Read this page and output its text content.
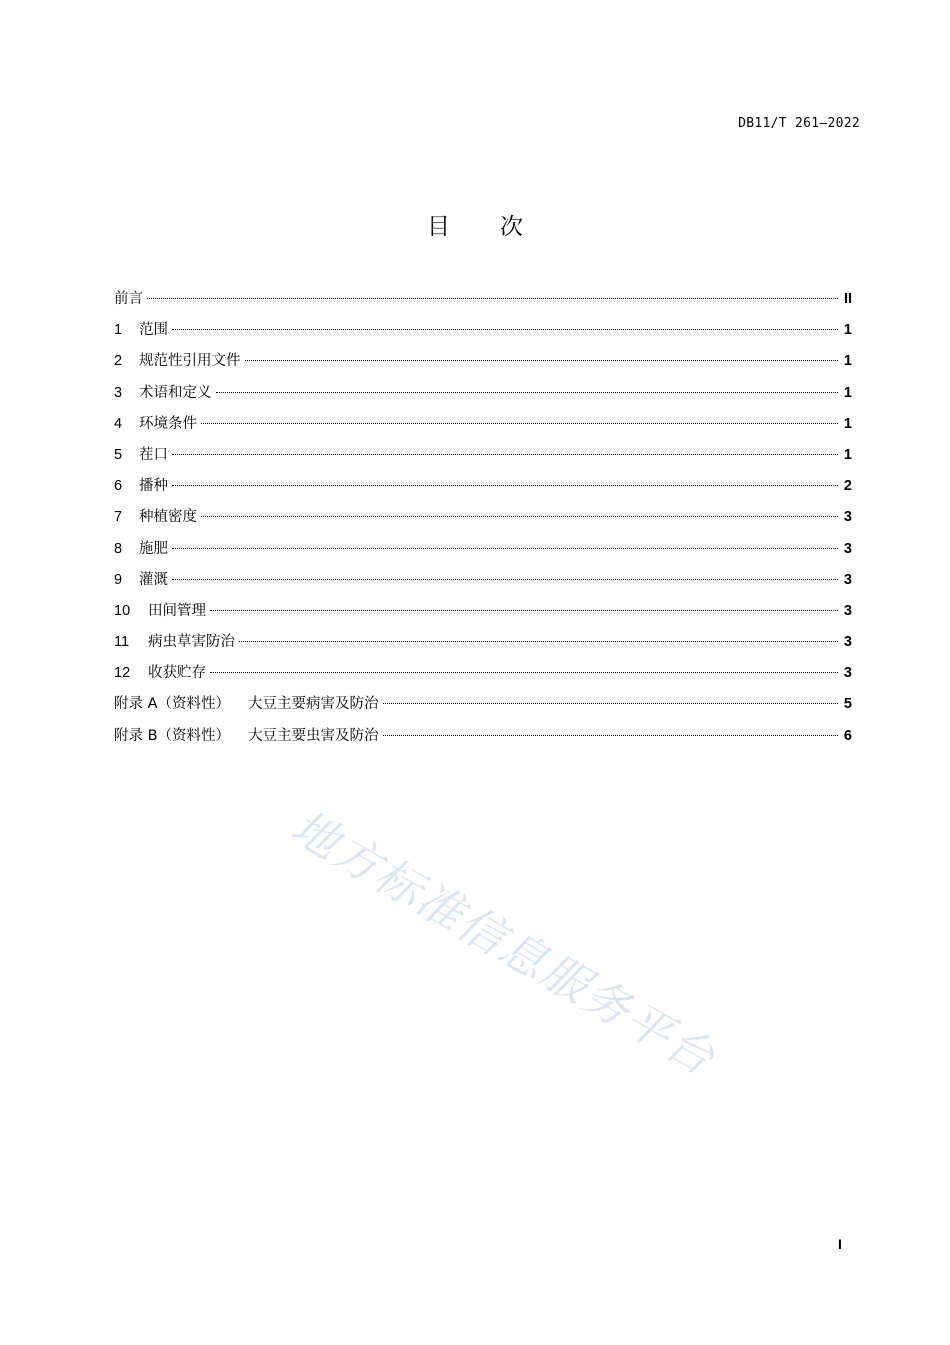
DB11/T 261—2022
目次
前言	II
1	范围	1
2	规范性引用文件	1
3	术语和定义	1
4	环境条件	1
5	茬口	1
6	播种	2
7	种植密度	3
8	施肥	3
9	灌溉	3
10	田间管理	3
11	病虫草害防治	3
12	收获贮存	3
附录 A（资料性）	大豆主要病害及防治	5
附录 B（资料性）	大豆主要虫害及防治	6
地方标准信息服务平台
I
